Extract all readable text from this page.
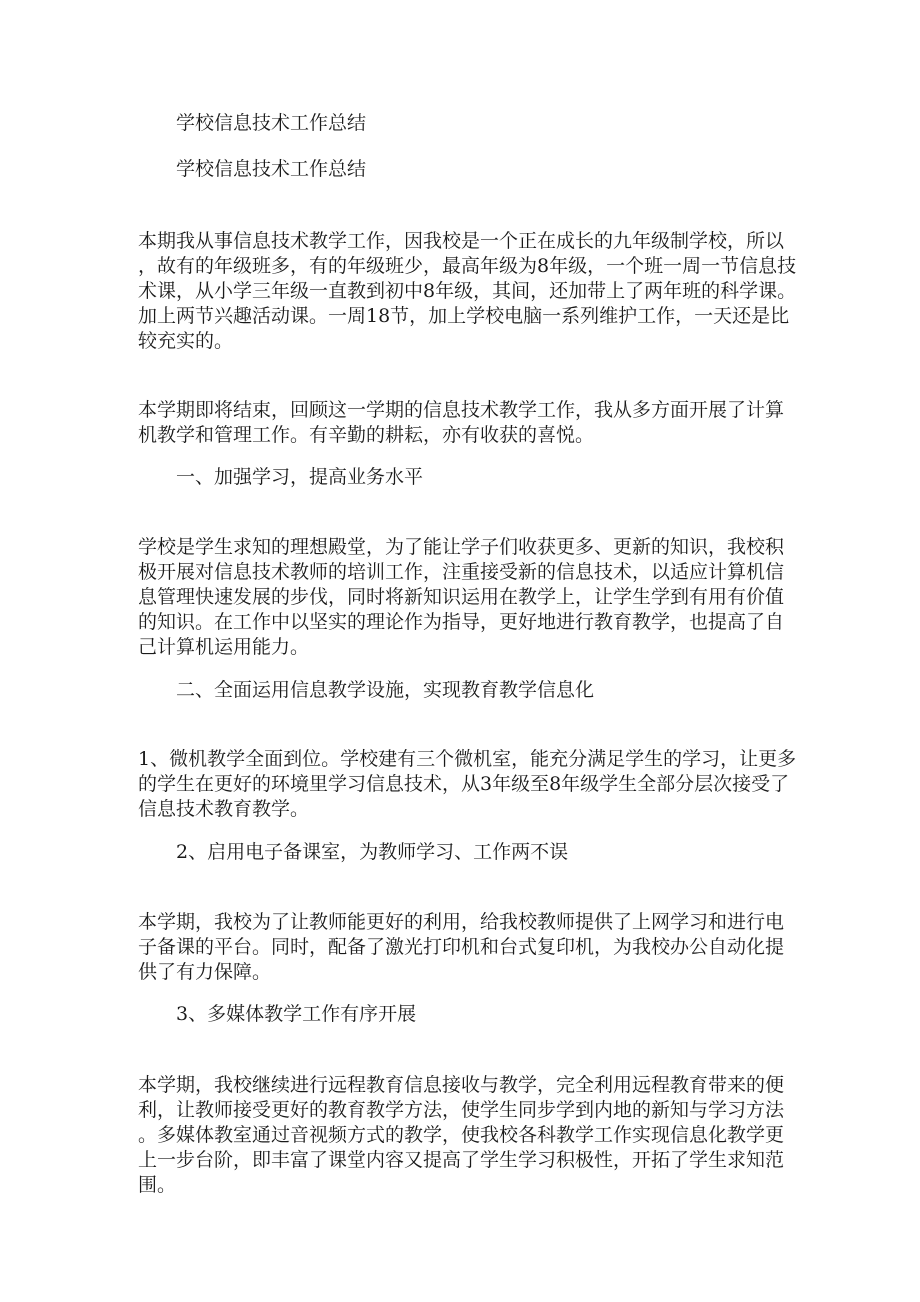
学校信息技术工作总结

学校信息技术工作总结

本期我从事信息技术教学工作，因我校是一个正在成长的九年级制学校，所以

，故有的年级班多，有的年级班少，最高年级为8年级，一个班一周一节信息技

术课，从小学三年级一直教到初中8年级，其间，还加带上了两年班的科学课。

加上两节兴趣活动课。一周18节，加上学校电脑一系列维护工作，一天还是比

较充实的。

本学期即将结束，回顾这一学期的信息技术教学工作，我从多方面开展了计算

机教学和管理工作。有辛勤的耕耘，亦有收获的喜悦。

一、加强学习，提高业务水平

学校是学生求知的理想殿堂，为了能让学子们收获更多、更新的知识，我校积

极开展对信息技术教师的培训工作，注重接受新的信息技术，以适应计算机信

息管理快速发展的步伐，同时将新知识运用在教学上，让学生学到有用有价值

的知识。在工作中以坚实的理论作为指导，更好地进行教育教学，也提高了自

己计算机运用能力。

二、全面运用信息教学设施，实现教育教学信息化

1、微机教学全面到位。学校建有三个微机室，能充分满足学生的学习，让更多

的学生在更好的环境里学习信息技术，从3年级至8年级学生全部分层次接受了

信息技术教育教学。

2、启用电子备课室，为教师学习、工作两不误

本学期，我校为了让教师能更好的利用，给我校教师提供了上网学习和进行电

子备课的平台。同时，配备了激光打印机和台式复印机，为我校办公自动化提

供了有力保障。

3、多媒体教学工作有序开展

本学期，我校继续进行远程教育信息接收与教学，完全利用远程教育带来的便

利，让教师接受更好的教育教学方法，使学生同步学到内地的新知与学习方法

。多媒体教室通过音视频方式的教学，使我校各科教学工作实现信息化教学更

上一步台阶，即丰富了课堂内容又提高了学生学习积极性，开拓了学生求知范

围。
